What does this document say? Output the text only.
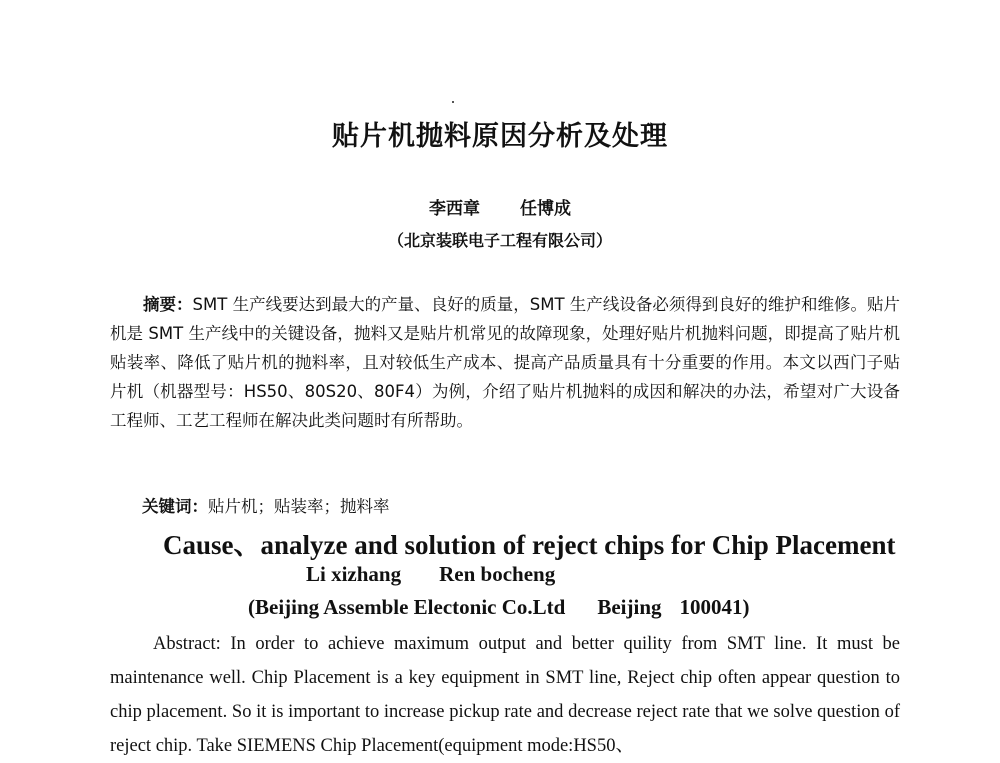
贴片机抛料原因分析及处理
李西章 任博成
（北京装联电子工程有限公司）

摘要：SMT 生产线要达到最大的产量、良好的质量，SMT 生产线设备必须得到良好的维护和维修。贴片机是 SMT 生产线中的关键设备，抛料又是贴片机常见的故障现象，处理好贴片机抛料问题，即提高了贴片机贴装率、降低了贴片机的抛料率，且对较低生产成本、提高产品质量具有十分重要的作用。本文以西门子贴片机（机器型号：HS50、80S20、80F4）为例，介绍了贴片机抛料的成因和解决的办法，希望对广大设备工程师、工艺工程师在解决此类问题时有所帮助。

关键词：贴片机；贴装率；抛料率
Cause、analyze and solution of reject chips for Chip Placement
Li xizhang Ren bocheng
(Beijing Assemble Electonic Co.Ltd Beijing 100041)

Abstract: In order to achieve maximum output and better quility from SMT line. It must be maintenance well. Chip Placement is a key equipment in SMT line, Reject chip often appear question to chip placement. So it is important to increase pickup rate and decrease reject rate that we solve question of reject chip. Take SIEMENS Chip Placement(equipment mode:HS50、
